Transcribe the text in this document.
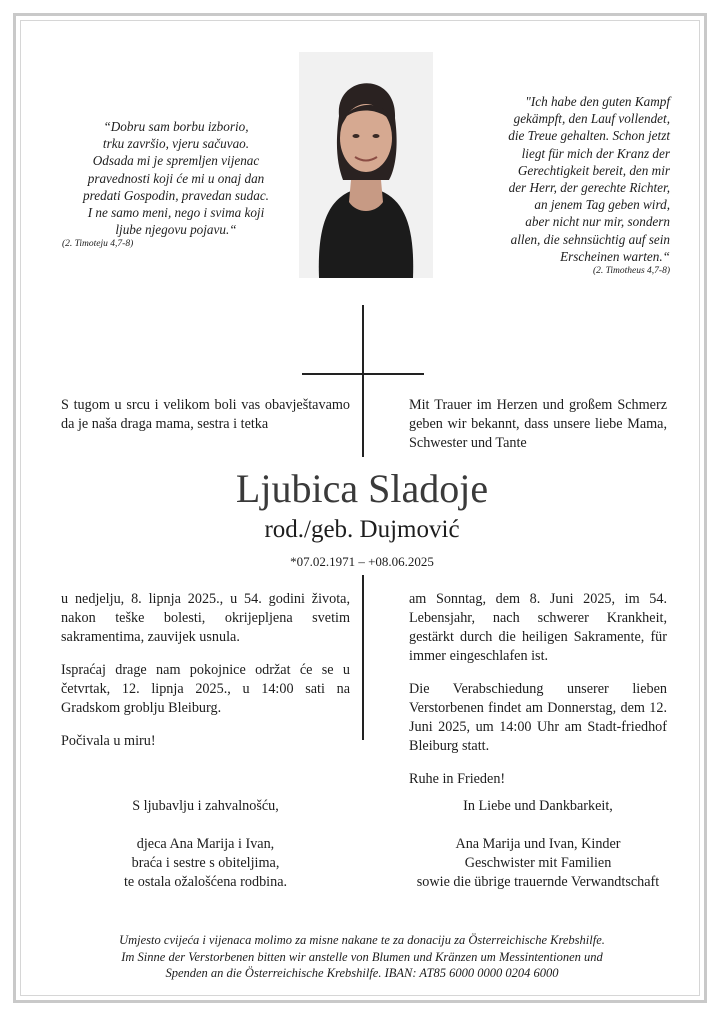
“Dobru sam borbu izborio,
trku završio, vjeru sačuvao.
Odsada mi je spremljen vijenac
pravednosti koji će mi u onaj dan
predati Gospodin, pravedan sudac.
I ne samo meni, nego i svima koji
ljube njegovu pojavu.“
(2. Timoteju 4,7-8)
"Ich habe den guten Kampf
gekämpft, den Lauf vollendet,
die Treue gehalten. Schon jetzt
liegt für mich der Kranz der
Gerechtigkeit bereit, den mir
der Herr, der gerechte Richter,
an jenem Tag geben wird,
aber nicht nur mir, sondern
allen, die sehnsüchtig auf sein
Erscheinen warten.“
(2. Timotheus 4,7-8)
S tugom u srcu i velikom boli vas obavještavamo da je naša draga mama, sestra i tetka
Mit Trauer im Herzen und großem Schmerz geben wir bekannt, dass unsere liebe Mama, Schwester und Tante
Ljubica Sladoje
rod./geb. Dujmović
*07.02.1971 – +08.06.2025
u nedjelju, 8. lipnja 2025., u 54. godini života, nakon teške bolesti, okrijepljena svetim sakramentima, zauvijek usnula.
Ispraćaj drage nam pokojnice održat će se u četvrtak, 12. lipnja 2025., u 14:00 sati na Gradskom groblju Bleiburg.
Počivala u miru!
am Sonntag, dem 8. Juni 2025, im 54. Lebensjahr, nach schwerer Krankheit, gestärkt durch die heiligen Sakramente, für immer eingeschlafen ist.
Die Verabschiedung unserer lieben Verstorbenen findet am Donnerstag, dem 12. Juni 2025, um 14:00 Uhr am Stadt-friedhof Bleiburg statt.
Ruhe in Frieden!
S ljubavlju i zahvalnošću,
djeca Ana Marija i Ivan,
braća i sestre s obiteljima,
te ostala ožalošćena rodbina.
In Liebe und Dankbarkeit,
Ana Marija und Ivan, Kinder
Geschwister mit Familien
sowie die übrige trauernde Verwandtschaft
Umjesto cvijeća i vijenaca molimo za misne nakane te za donaciju za Österreichische Krebshilfe.
Im Sinne der Verstorbenen bitten wir anstelle von Blumen und Kränzen um Messintentionen und
Spenden an die Österreichische Krebshilfe. IBAN: AT85 6000 0000 0204 6000
